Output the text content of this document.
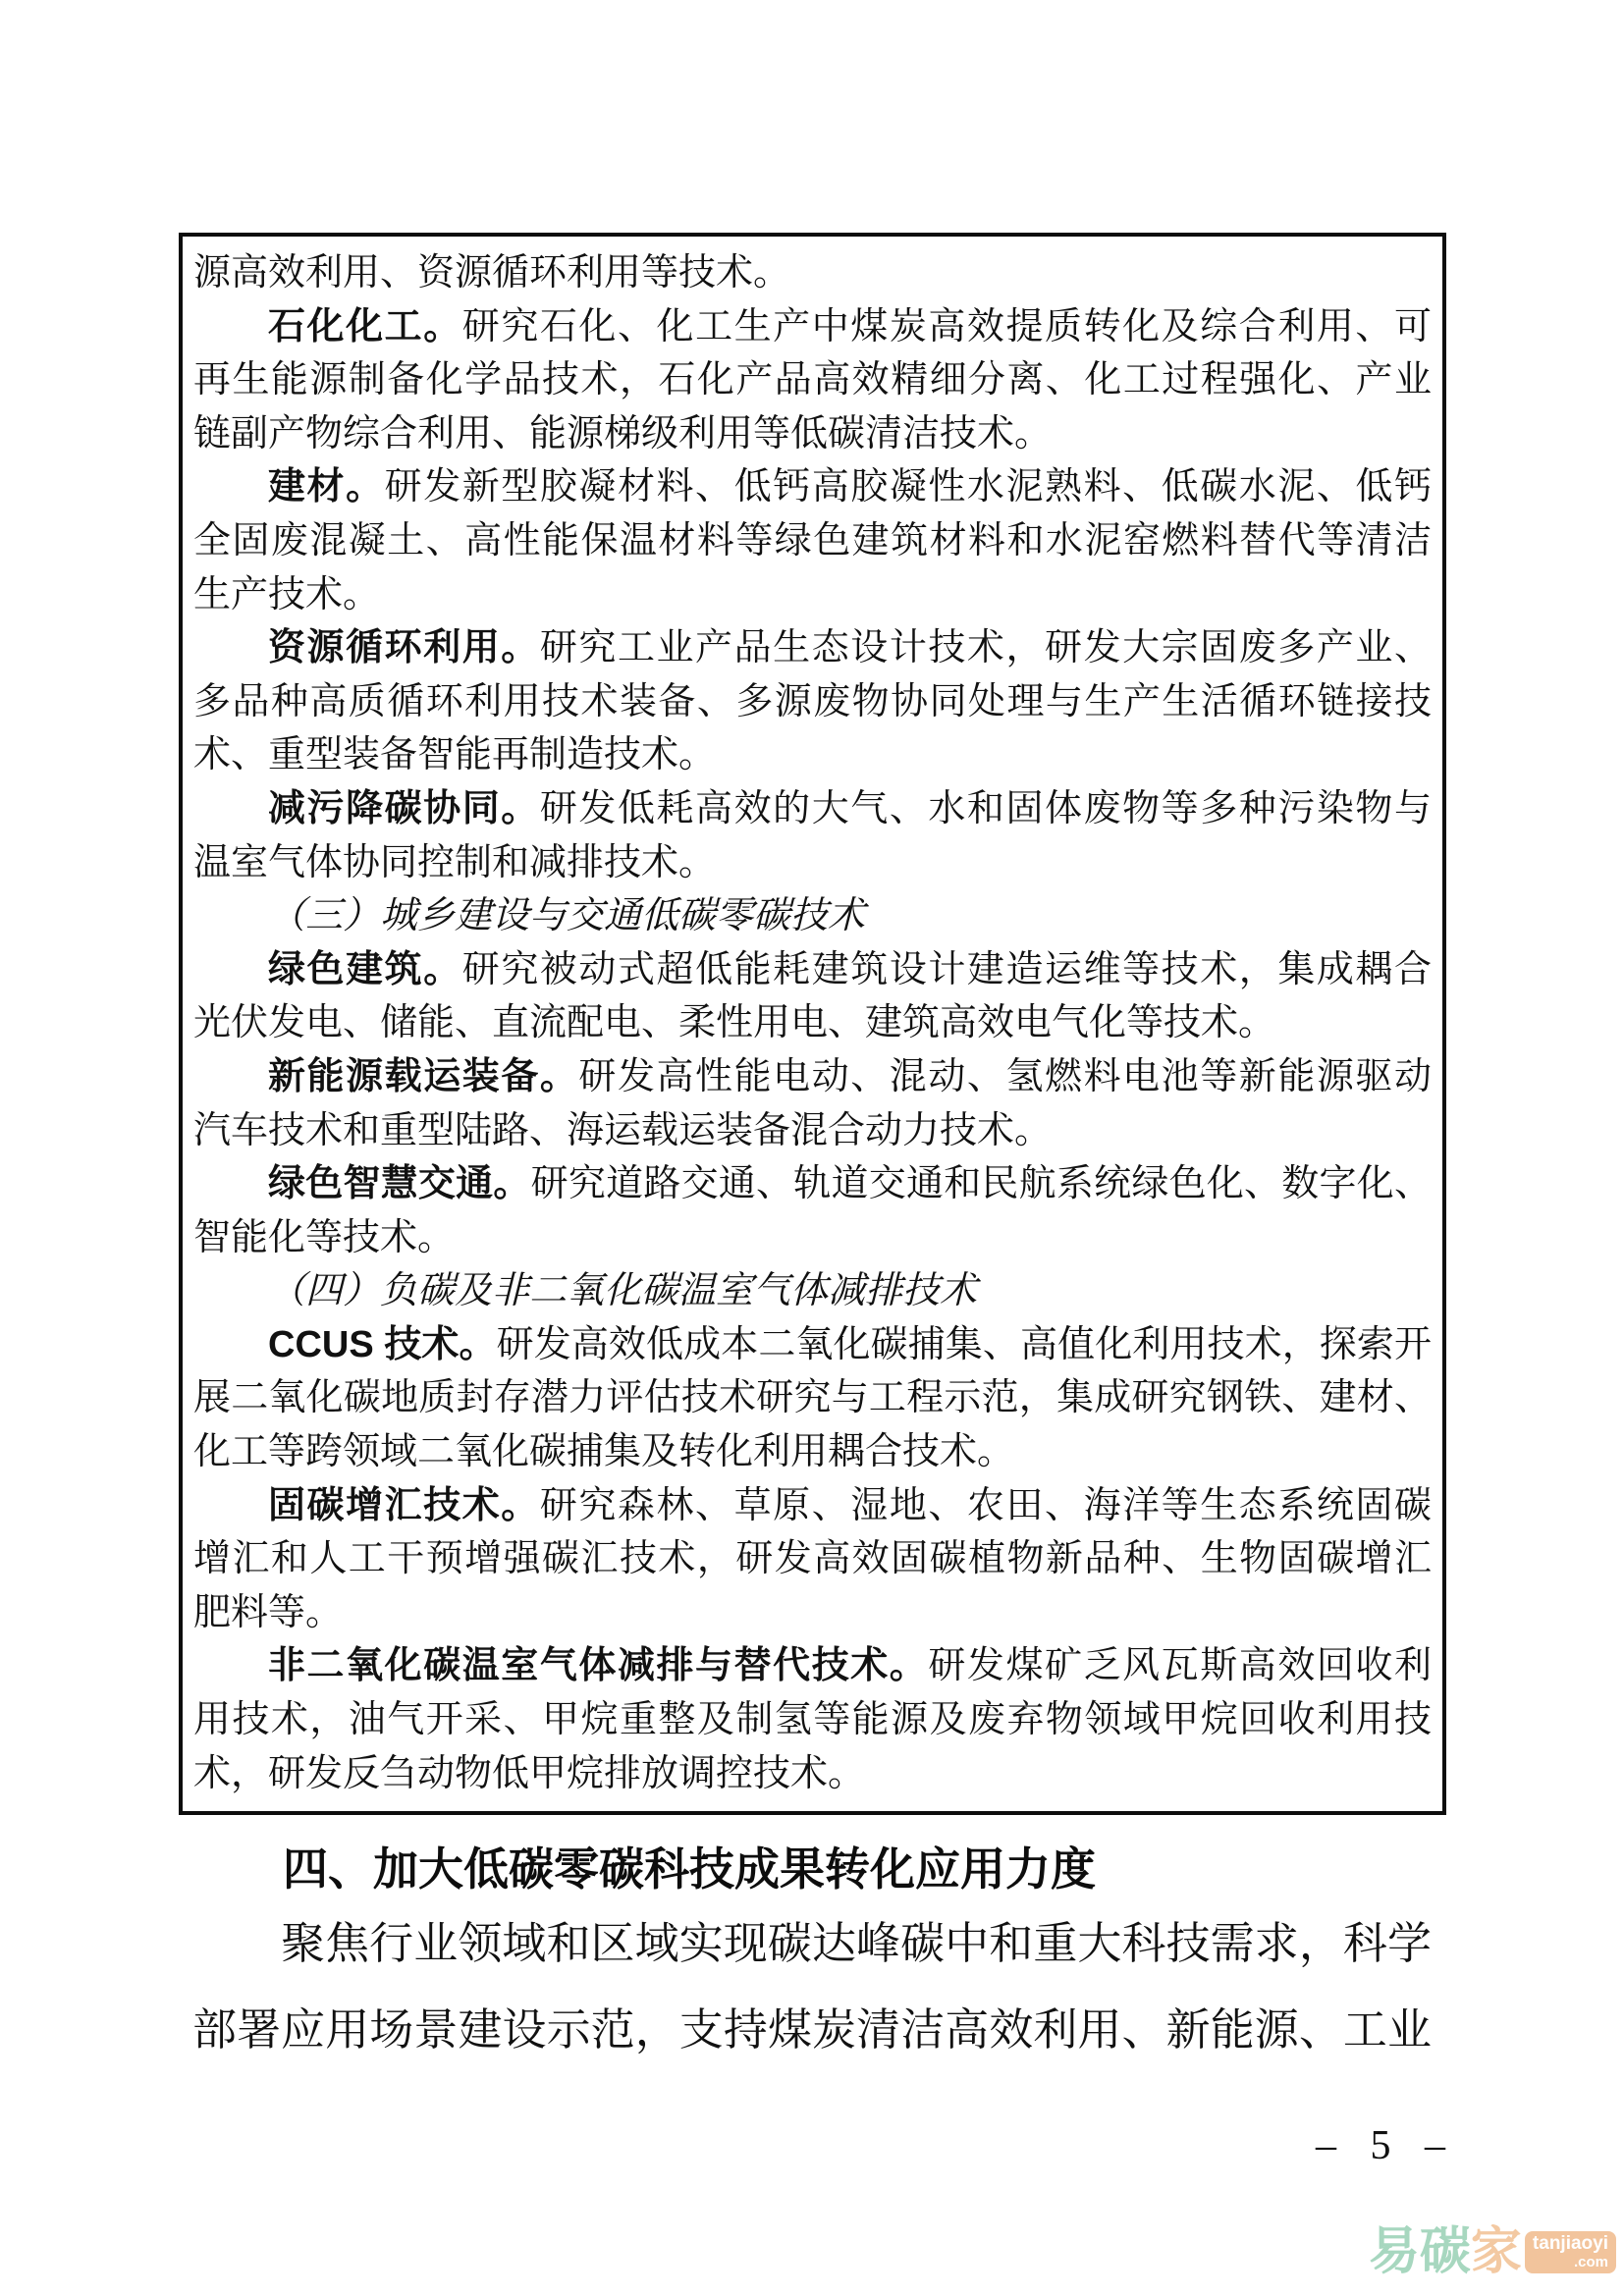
源高效利用、资源循环利用等技术。
石化化工。研究石化、化工生产中煤炭高效提质转化及综合利用、可
再生能源制备化学品技术，石化产品高效精细分离、化工过程强化、产业
链副产物综合利用、能源梯级利用等低碳清洁技术。
建材。研发新型胶凝材料、低钙高胶凝性水泥熟料、低碳水泥、低钙
全固废混凝土、高性能保温材料等绿色建筑材料和水泥窑燃料替代等清洁
生产技术。
资源循环利用。研究工业产品生态设计技术，研发大宗固废多产业、
多品种高质循环利用技术装备、多源废物协同处理与生产生活循环链接技
术、重型装备智能再制造技术。
减污降碳协同。研发低耗高效的大气、水和固体废物等多种污染物与
温室气体协同控制和减排技术。
（三）城乡建设与交通低碳零碳技术
绿色建筑。研究被动式超低能耗建筑设计建造运维等技术，集成耦合
光伏发电、储能、直流配电、柔性用电、建筑高效电气化等技术。
新能源载运装备。研发高性能电动、混动、氢燃料电池等新能源驱动
汽车技术和重型陆路、海运载运装备混合动力技术。
绿色智慧交通。研究道路交通、轨道交通和民航系统绿色化、数字化、
智能化等技术。
（四）负碳及非二氧化碳温室气体减排技术
CCUS 技术。研发高效低成本二氧化碳捕集、高值化利用技术，探索开
展二氧化碳地质封存潜力评估技术研究与工程示范，集成研究钢铁、建材、
化工等跨领域二氧化碳捕集及转化利用耦合技术。
固碳增汇技术。研究森林、草原、湿地、农田、海洋等生态系统固碳
增汇和人工干预增强碳汇技术，研发高效固碳植物新品种、生物固碳增汇
肥料等。
非二氧化碳温室气体减排与替代技术。研发煤矿乏风瓦斯高效回收利
用技术，油气开采、甲烷重整及制氢等能源及废弃物领域甲烷回收利用技
术，研发反刍动物低甲烷排放调控技术。
四、加大低碳零碳科技成果转化应用力度
聚焦行业领域和区域实现碳达峰碳中和重大科技需求，科学
部署应用场景建设示范，支持煤炭清洁高效利用、新能源、工业
– 5 –
易 碳 家 tanjiaoyi
.com
